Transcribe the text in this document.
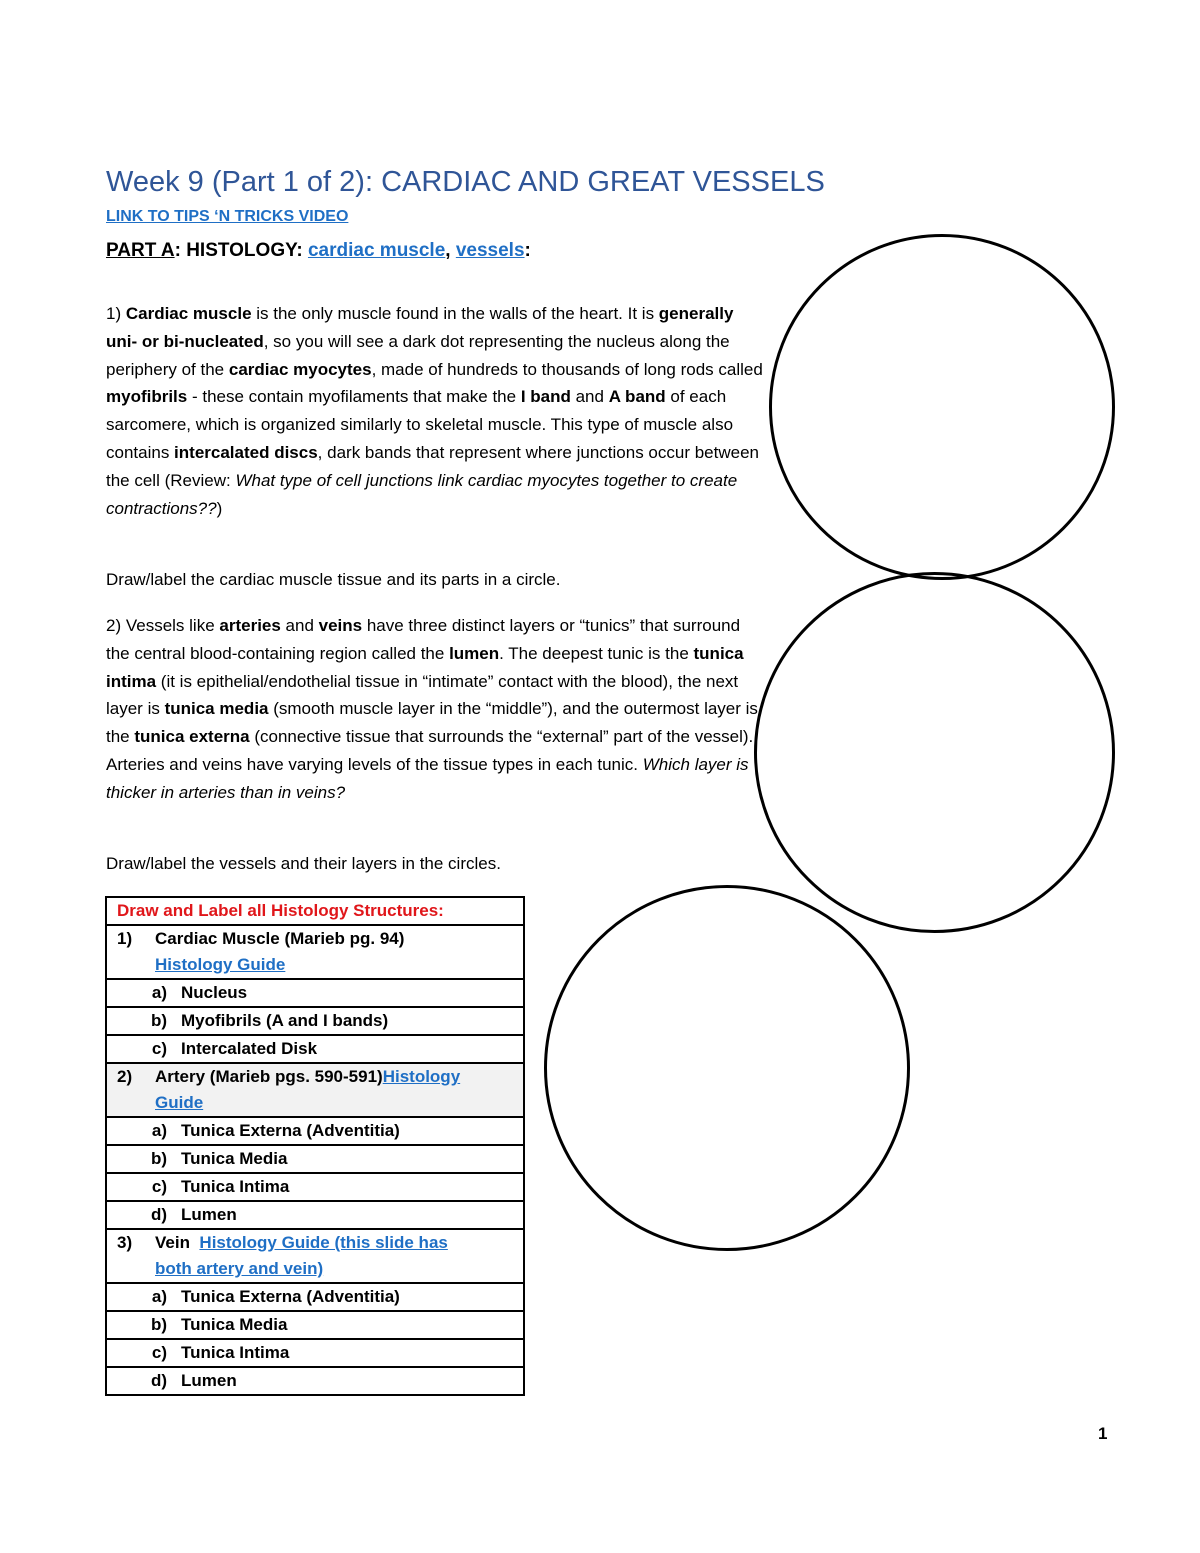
Week 9 (Part 1 of 2): CARDIAC AND GREAT VESSELS
LINK TO TIPS ‘N TRICKS VIDEO
PART A: HISTOLOGY: cardiac muscle, vessels:

1) Cardiac muscle is the only muscle found in the walls of the heart. It is generally uni- or bi-nucleated, so you will see a dark dot representing the nucleus along the periphery of the cardiac myocytes, made of hundreds to thousands of long rods called myofibrils - these contain myofilaments that make the I band and A band of each sarcomere, which is organized similarly to skeletal muscle. This type of muscle also contains intercalated discs, dark bands that represent where junctions occur between the cell (Review: What type of cell junctions link cardiac myocytes together to create contractions??)

Draw/label the cardiac muscle tissue and its parts in a circle.

2) Vessels like arteries and veins have three distinct layers or “tunics” that surround the central blood-containing region called the lumen. The deepest tunic is the tunica intima (it is epithelial/endothelial tissue in “intimate” contact with the blood), the next layer is tunica media (smooth muscle layer in the “middle”), and the outermost layer is the tunica externa (connective tissue that surrounds the “external” part of the vessel). Arteries and veins have varying levels of the tissue types in each tunic. Which layer is thicker in arteries than in veins?

Draw/label the vessels and their layers in the circles.

Draw and Label all Histology Structures:
1) Cardiac Muscle (Marieb pg. 94)
Histology Guide

a) Nucleus
b) Myofibrils (A and I bands)
c) Intercalated Disk
2) Artery (Marieb pgs. 590-591)Histology
Guide

a) Tunica Externa (Adventitia)
b) Tunica Media
c) Tunica Intima
d) Lumen
3) Vein Histology Guide (this slide has
both artery and vein)

a) Tunica Externa (Adventitia)
b) Tunica Media
c) Tunica Intima
d) Lumen
1
